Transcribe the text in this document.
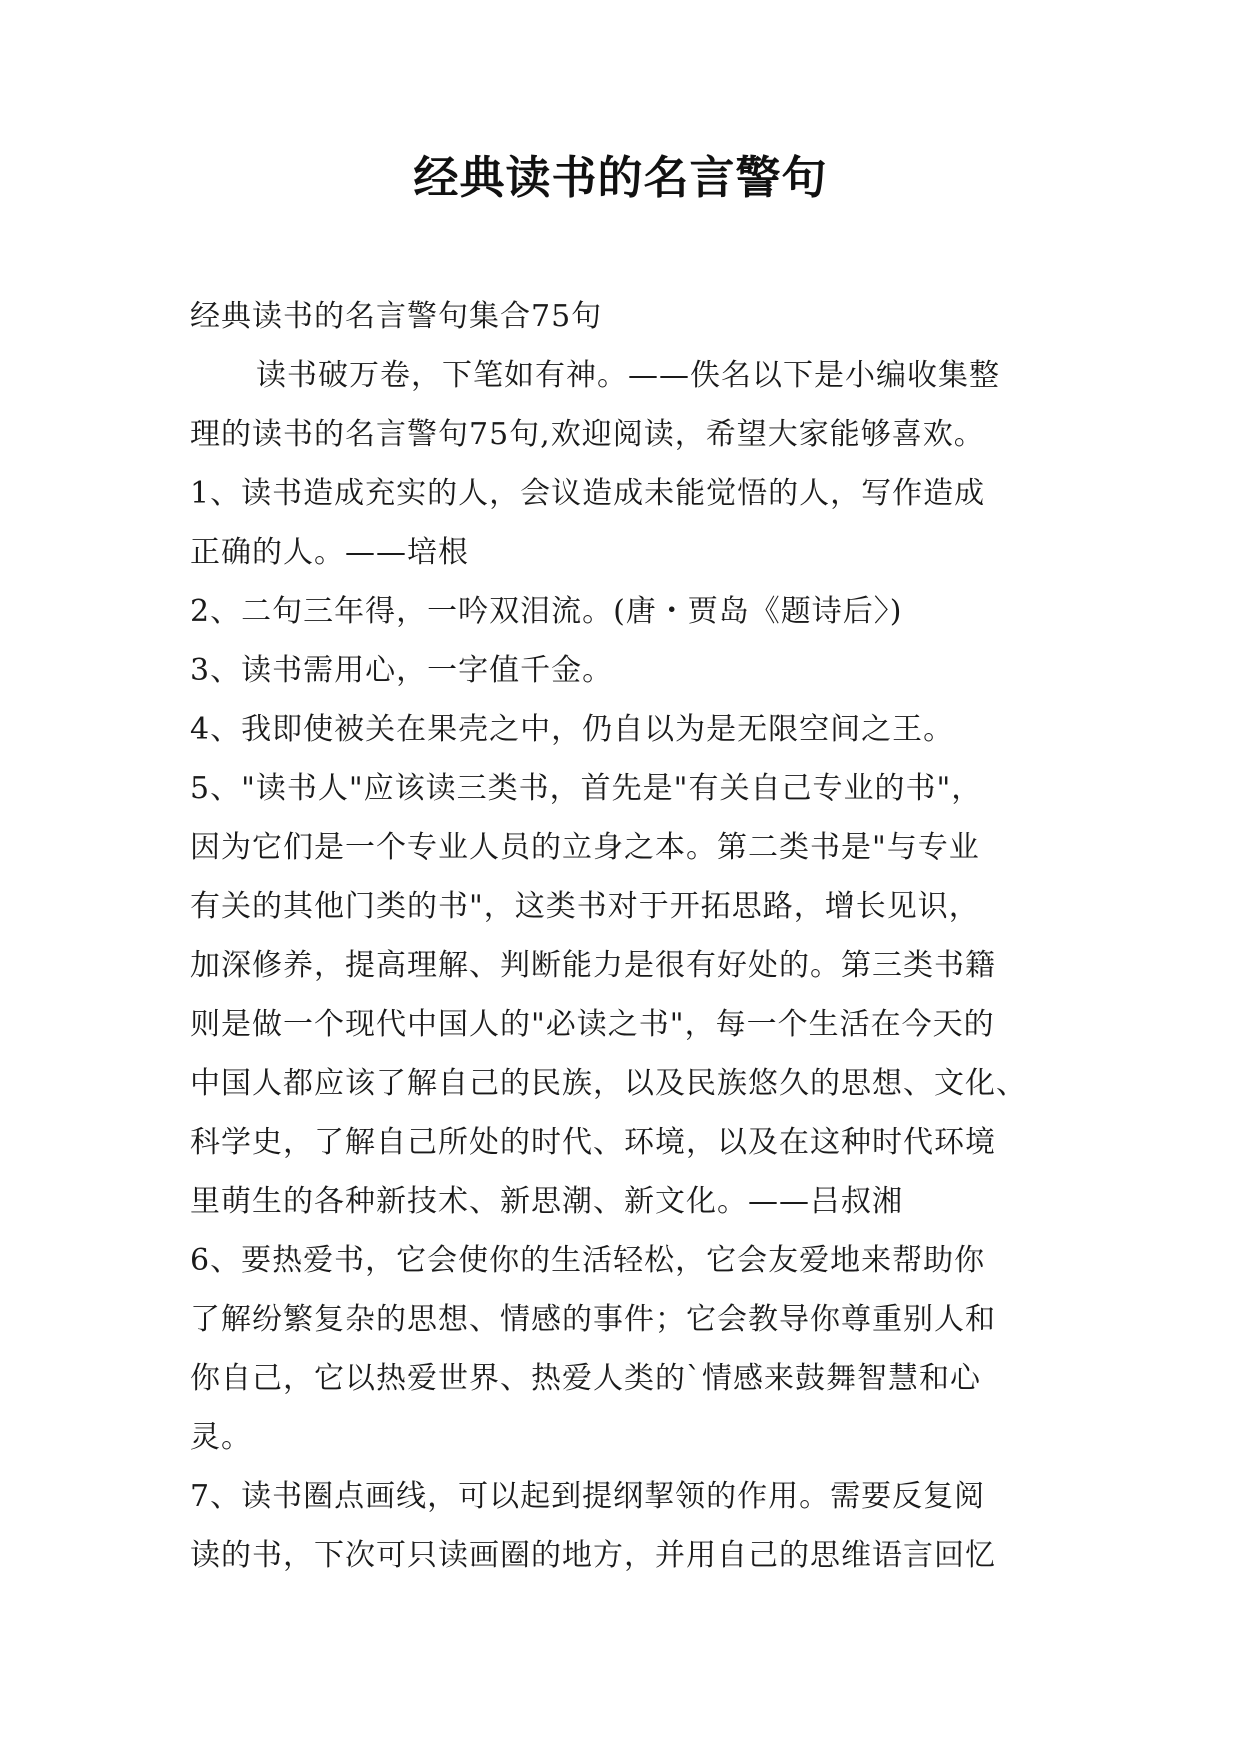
经典读书的名言警句
经典读书的名言警句集合75句
读书破万卷，下笔如有神。——佚名以下是小编收集整
理的读书的名言警句75句,欢迎阅读，希望大家能够喜欢。
1、读书造成充实的人，会议造成未能觉悟的人，写作造成
正确的人。——培根
2、二句三年得，一吟双泪流。(唐・贾岛《题诗后〉)
3、读书需用心，一字值千金。
4、我即使被关在果壳之中，仍自以为是无限空间之王。
5、"读书人"应该读三类书，首先是"有关自己专业的书"，
因为它们是一个专业人员的立身之本。第二类书是"与专业
有关的其他门类的书"，这类书对于开拓思路，增长见识，
加深修养，提高理解、判断能力是很有好处的。第三类书籍
则是做一个现代中国人的"必读之书"，每一个生活在今天的
中国人都应该了解自己的民族，以及民族悠久的思想、文化、
科学史，了解自己所处的时代、环境，以及在这种时代环境
里萌生的各种新技术、新思潮、新文化。——吕叔湘
6、要热爱书，它会使你的生活轻松，它会友爱地来帮助你
了解纷繁复杂的思想、情感的事件；它会教导你尊重别人和
你自己，它以热爱世界、热爱人类的`情感来鼓舞智慧和心
灵。
7、读书圈点画线，可以起到提纲挈领的作用。需要反复阅
读的书，下次可只读画圈的地方，并用自己的思维语言回忆
